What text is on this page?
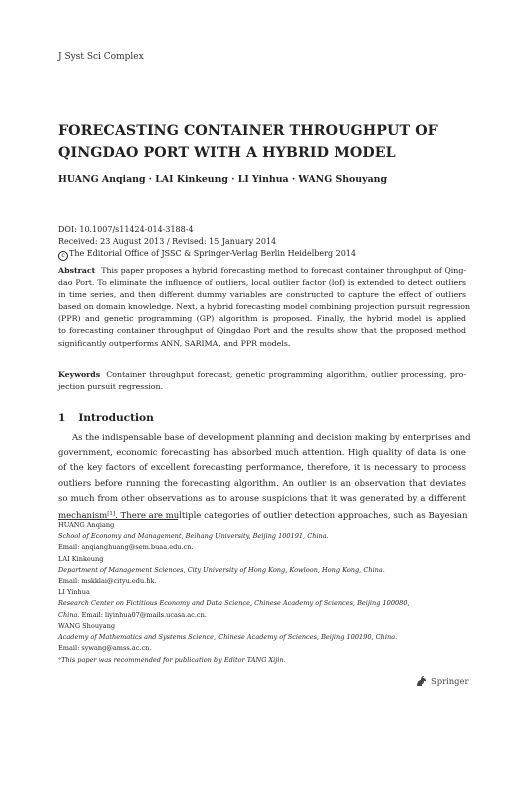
J Syst Sci Complex
FORECASTING CONTAINER THROUGHPUT OF
QINGDAO PORT WITH A HYBRID MODEL
HUANG Anqiang · LAI Kinkeung · LI Yinhua · WANG Shouyang
DOI: 10.1007/s11424-014-3188-4
Received: 23 August 2013 / Revised: 15 January 2014
c The Editorial Office of JSSC & Springer-Verlag Berlin Heidelberg 2014
Abstract This paper proposes a hybrid forecasting method to forecast container throughput of Qing-
dao Port. To eliminate the influence of outliers, local outlier factor (lof) is extended to detect outliers
in time series, and then different dummy variables are constructed to capture the effect of outliers
based on domain knowledge. Next, a hybrid forecasting model combining projection pursuit regression
(PPR) and genetic programming (GP) algorithm is proposed. Finally, the hybrid model is applied
to forecasting container throughput of Qingdao Port and the results show that the proposed method
significantly outperforms ANN, SARIMA, and PPR models.
Keywords Container throughput forecast, genetic programming algorithm, outlier processing, pro-
jection pursuit regression.
1 Introduction
As the indispensable base of development planning and decision making by enterprises and
government, economic forecasting has absorbed much attention. High quality of data is one
of the key factors of excellent forecasting performance, therefore, it is necessary to process
outliers before running the forecasting algorithm. An outlier is an observation that deviates
so much from other observations as to arouse suspicions that it was generated by a different
mechanism[1]. There are multiple categories of outlier detection approaches, such as Bayesian
HUANG Anqiang
School of Economy and Management, Beihang University, Beijing 100191, China.
Email: anqianghuang@sem.buaa.edu.cn.
LAI Kinkeung
Department of Management Sciences, City University of Hong Kong, Kowloon, Hong Kong, China.
Email: mskklai@cityu.edu.hk.
LI Yinhua
Research Center on Fictitious Economy and Data Science, Chinese Academy of Sciences, Beijing 100080,
China. Email: liyinhua07@mails.ucasa.ac.cn.
WANG Shouyang
Academy of Mathematics and Systems Science, Chinese Academy of Sciences, Beijing 100190, China.
Email: sywang@amss.ac.cn.
⋄This paper was recommended for publication by Editor TANG Xijin.
Springer
